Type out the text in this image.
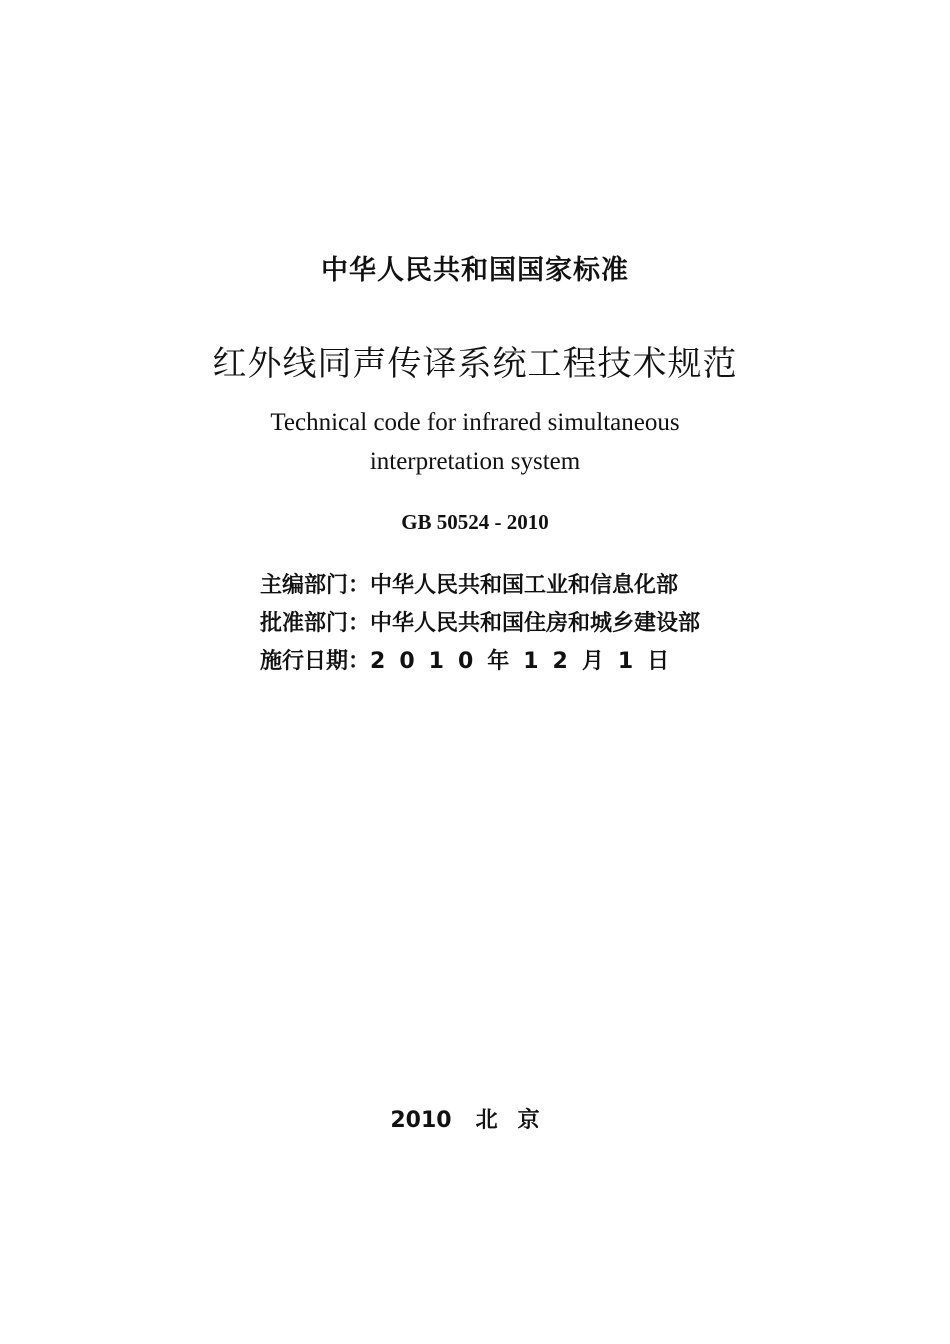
中华人民共和国国家标准
红外线同声传译系统工程技术规范
Technical code for infrared simultaneous
interpretation system
GB 50524 - 2010
主编部门：中华人民共和国工业和信息化部
批准部门：中华人民共和国住房和城乡建设部
施行日期：2010年12月1日
2010 北京
